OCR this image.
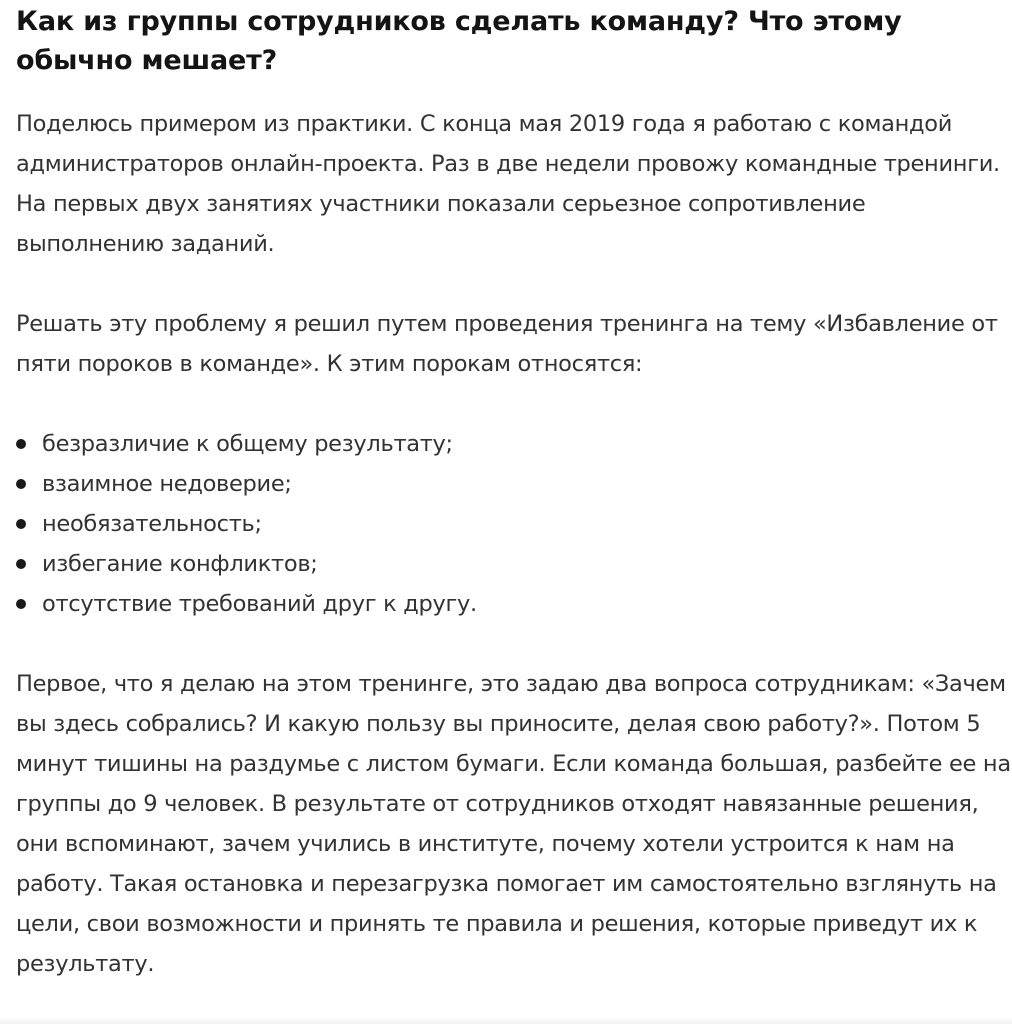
Как из группы сотрудников сделать команду? Что этому обычно мешает?

Поделюсь примером из практики. С конца мая 2019 года я работаю с командой администраторов онлайн-проекта. Раз в две недели провожу командные тренинги. На первых двух занятиях участники показали серьезное сопротивление выполнению заданий.

Решать эту проблему я решил путем проведения тренинга на тему «Избавление от пяти пороков в команде». К этим порокам относятся:

безразличие к общему результату;
взаимное недоверие;
необязательность;
избегание конфликтов;
отсутствие требований друг к другу.

Первое, что я делаю на этом тренинге, это задаю два вопроса сотрудникам: «Зачем вы здесь собрались? И какую пользу вы приносите, делая свою работу?». Потом 5 минут тишины на раздумье с листом бумаги. Если команда большая, разбейте ее на группы до 9 человек. В результате от сотрудников отходят навязанные решения, они вспоминают, зачем учились в институте, почему хотели устроится к нам на работу. Такая остановка и перезагрузка помогает им самостоятельно взглянуть на цели, свои возможности и принять те правила и решения, которые приведут их к результату.
